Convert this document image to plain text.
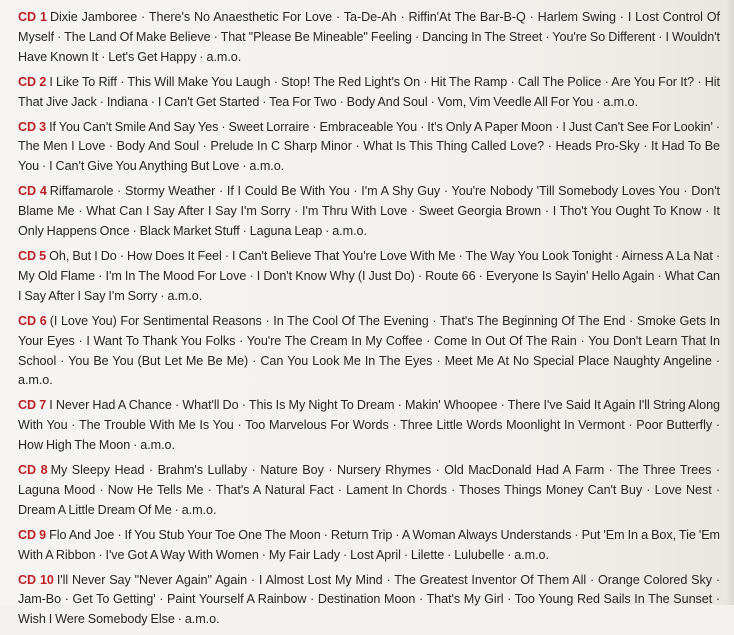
CD 1 Dixie Jamboree · There's No Anaesthetic For Love · Ta-De-Ah · Riffin'At The Bar-B-Q · Harlem Swing · I Lost Control Of Myself · The Land Of Make Believe · That "Please Be Mineable" Feeling · Dancing In The Street · You're So Different · I Wouldn't Have Known It · Let's Get Happy · a.m.o.

CD 2 I Like To Riff · This Will Make You Laugh · Stop! The Red Light's On · Hit The Ramp · Call The Police · Are You For It? · Hit That Jive Jack · Indiana · I Can't Get Started · Tea For Two · Body And Soul · Vom, Vim Veedle All For You · a.m.o.

CD 3 If You Can't Smile And Say Yes · Sweet Lorraire · Embraceable You · It's Only A Paper Moon · I Just Can't See For Lookin' · The Men I Love · Body And Soul · Prelude In C Sharp Minor · What Is This Thing Called Love? · Heads Pro-Sky · It Had To Be You · I Can't Give You Anything But Love · a.m.o.

CD 4 Riffamarole · Stormy Weather · If I Could Be With You · I'm A Shy Guy · You're Nobody 'Till Somebody Loves You · Don't Blame Me · What Can I Say After I Say I'm Sorry · I'm Thru With Love · Sweet Georgia Brown · I Tho't You Ought To Know · It Only Happens Once · Black Market Stuff · Laguna Leap · a.m.o.

CD 5 Oh, But I Do · How Does It Feel · I Can't Believe That You're Love With Me · The Way You Look Tonight · Airness A La Nat · My Old Flame · I'm In The Mood For Love · I Don't Know Why (I Just Do) · Route 66 · Everyone Is Sayin' Hello Again · What Can I Say After I Say I'm Sorry · a.m.o.

CD 6 (I Love You) For Sentimental Reasons · In The Cool Of The Evening · That's The Beginning Of The End · Smoke Gets In Your Eyes · I Want To Thank You Folks · You're The Cream In My Coffee · Come In Out Of The Rain · You Don't Learn That In School · You Be You (But Let Me Be Me) · Can You Look Me In The Eyes · Meet Me At No Special Place Naughty Angeline · a.m.o.

CD 7 I Never Had A Chance · What'll Do · This Is My Night To Dream · Makin' Whoopee · There I've Said It Again I'll String Along With You · The Trouble With Me Is You · Too Marvelous For Words · Three Little Words Moonlight In Vermont · Poor Butterfly · How High The Moon · a.m.o.

CD 8 My Sleepy Head · Brahm's Lullaby · Nature Boy · Nursery Rhymes · Old MacDonald Had A Farm · The Three Trees · Laguna Mood · Now He Tells Me · That's A Natural Fact · Lament In Chords · Thoses Things Money Can't Buy · Love Nest · Dream A Little Dream Of Me · a.m.o.

CD 9 Flo And Joe · If You Stub Your Toe One The Moon · Return Trip · A Woman Always Understands · Put 'Em In a Box, Tie 'Em With A Ribbon · I've Got A Way With Women · My Fair Lady · Lost April · Lilette · Lulubelle · a.m.o.

CD 10 I'll Never Say "Never Again" Again · I Almost Lost My Mind · The Greatest Inventor Of Them All · Orange Colored Sky · Jam-Bo · Get To Getting' · Paint Yourself A Rainbow · Destination Moon · That's My Girl · Too Young Red Sails In The Sunset · Wish I Were Somebody Else · a.m.o.
